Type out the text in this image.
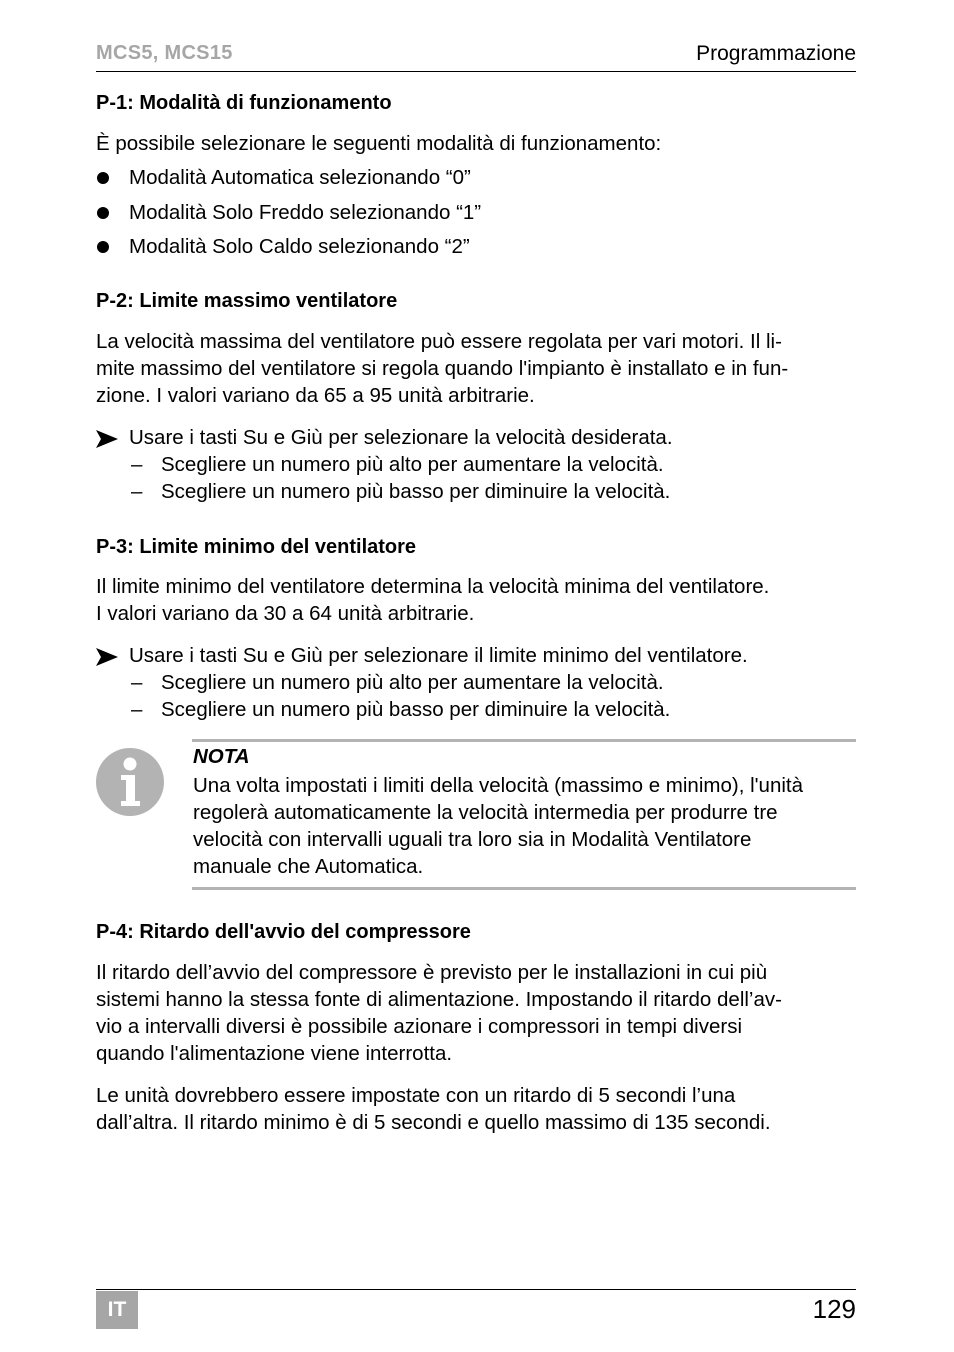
MCS5, MCS15	Programmazione
P-1: Modalità di funzionamento
È possibile selezionare le seguenti modalità di funzionamento:
Modalità Automatica selezionando “0”
Modalità Solo Freddo selezionando “1”
Modalità Solo Caldo selezionando “2”
P-2: Limite massimo ventilatore
La velocità massima del ventilatore può essere regolata per vari motori. Il li-
mite massimo del ventilatore si regola quando l'impianto è installato e in fun-
zione. I valori variano da 65 a 95 unità arbitrarie.
Usare i tasti Su e Giù per selezionare la velocità desiderata.
– Scegliere un numero più alto per aumentare la velocità.
– Scegliere un numero più basso per diminuire la velocità.
P-3: Limite minimo del ventilatore
Il limite minimo del ventilatore determina la velocità minima del ventilatore.
I valori variano da 30 a 64 unità arbitrarie.
Usare i tasti Su e Giù per selezionare il limite minimo del ventilatore.
– Scegliere un numero più alto per aumentare la velocità.
– Scegliere un numero più basso per diminuire la velocità.
NOTA
Una volta impostati i limiti della velocità (massimo e minimo), l'unità
regolerà automaticamente la velocità intermedia per produrre tre
velocità con intervalli uguali tra loro sia in Modalità Ventilatore
manuale che Automatica.
P-4: Ritardo dell'avvio del compressore
Il ritardo dell’avvio del compressore è previsto per le installazioni in cui più
sistemi hanno la stessa fonte di alimentazione. Impostando il ritardo dell’av-
vio a intervalli diversi è possibile azionare i compressori in tempi diversi
quando l'alimentazione viene interrotta.
Le unità dovrebbero essere impostate con un ritardo di 5 secondi l’una
dall’altra. Il ritardo minimo è di 5 secondi e quello massimo di 135 secondi.
IT	129
